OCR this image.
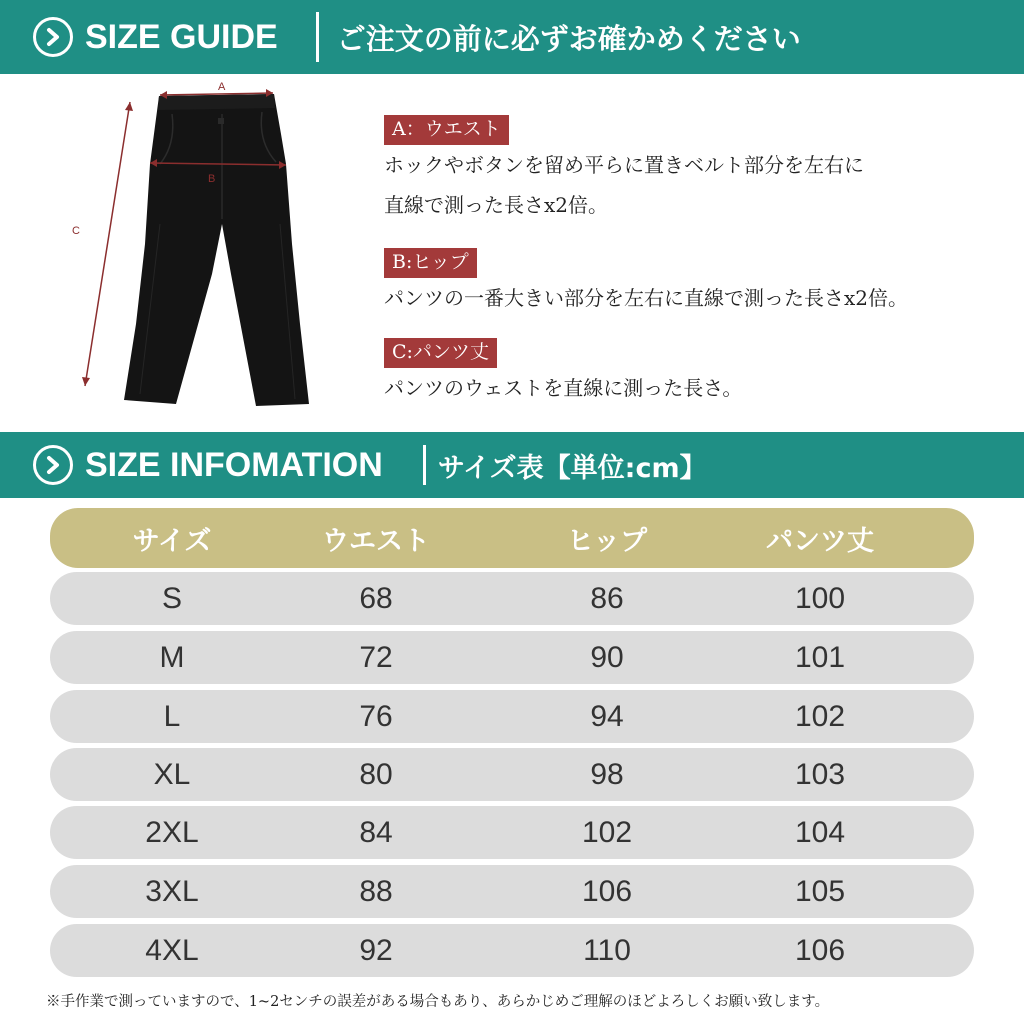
SIZE GUIDE ご注文の前に必ずお確かめください
A
B
C
A：ウエスト
ホックやボタンを留め平らに置きベルト部分を左右に
直線で測った長さx2倍。
B:ヒップ
パンツの一番大きい部分を左右に直線で測った長さx2倍。
C:パンツ丈
パンツのウェストを直線に測った長さ。
SIZE INFOMATION サイズ表【単位:cm】
サイズ	ウエスト	ヒップ	パンツ丈
S	68	86	100
M	72	90	101
L	76	94	102
XL	80	98	103
2XL	84	102	104
3XL	88	106	105
4XL	92	110	106
※手作業で測っていますので、1~2センチの誤差がある場合もあり、あらかじめご理解のほどよろしくお願い致します。
